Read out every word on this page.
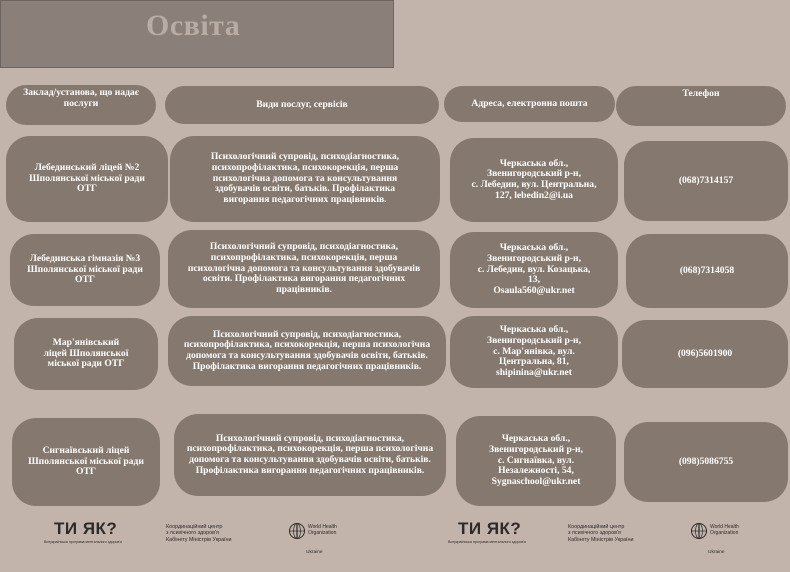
Освіта
Заклад/установа, що надає послуги	Види послуг, сервісів	Адреса, електронна пошта
Телефон
Лебединський ліцей №2
Шполянської міської ради
ОТГ
Психологічний супровід, психодіагностика,
психопрофілактика, психокорекція, перша
психологічна допомога та консультування
здобувачів освіти, батьків. Профілактика
вигорання педагогічних працівників.
Черкаська обл.,
Звенигородський р-н,
с. Лебедин, вул. Центральна,
127, lebedin2@i.ua
(068)7314157
Лебединська гімназія №3
Шполянської міської ради
ОТГ
Психологічний супровід, психодіагностика,
психопрофілактика, психокорекція, перша
психологічна допомога та консультування здобувачів
освіти. Профілактика вигорання педагогічних
працівників.
Черкаська обл.,
Звенигородський р-н,
с. Лебедин, вул. Козацька,
13,
Osaula560@ukr.net
(068)7314058
Мар'янівський
ліцей Шполянської
міської ради ОТГ
Психологічний супровід, психодіагностика,
психопрофілактика, психокорекція, перша психологічна
допомога та консультування здобувачів освіти, батьків.
Профілактика вигорання педагогічних працівників.
Черкаська обл.,
Звенигородський р-н,
с. Мар'янівка, вул.
Центральна, 81,
shipinina@ukr.net
(096)5601900
Сигнаївський ліцей
Шполянської міської ради
ОТГ
Психологічний супровід, психодіагностика,
психопрофілактика, психокорекція, перша психологічна
допомога та консультування здобувачів освіти, батьків.
Профілактика вигорання педагогічних працівників.
Черкаська обл.,
Звенигородський р-н,
с. Сигнаївка, вул.
Незалежності, 54,
Sygnaschool@ukr.net
(098)5086755
ТИ ЯК?
Всеукраїнська програма ментального здоров'я
Координаційний центр
з психічного здоров'я
Кабінету Міністрів України
World Health
Organization
Ukraine
ТИ ЯК?
Всеукраїнська програма ментального здоров'я
Координаційний центр
з психічного здоров'я
Кабінету Міністрів України
World Health
Organization
Ukraine
